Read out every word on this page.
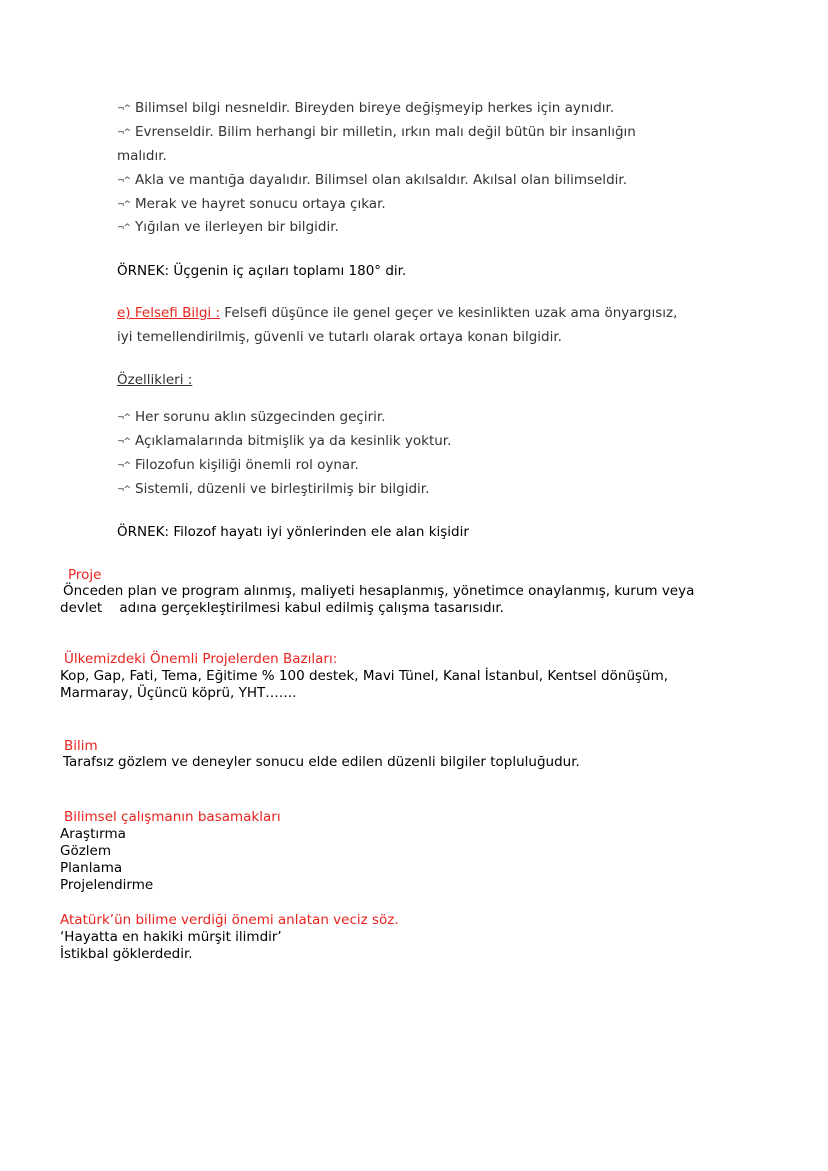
¬^ Bilimsel bilgi nesneldir. Bireyden bireye değişmeyip herkes için aynıdır.
¬^ Evrenseldir. Bilim herhangi bir milletin, ırkın malı değil bütün bir insanlığın
malıdır.
¬^ Akla ve mantığa dayalıdır. Bilimsel olan akılsaldır. Akılsal olan bilimseldir.
¬^ Merak ve hayret sonucu ortaya çıkar.
¬^ Yığılan ve ilerleyen bir bilgidir.
ÖRNEK: Üçgenin iç açıları toplamı 180° dir.
e) Felsefi Bilgi : Felsefi düşünce ile genel geçer ve kesinlikten uzak ama önyargısız,
iyi temellendirilmiş, güvenli ve tutarlı olarak ortaya konan bilgidir.
Özellikleri :
¬^ Her sorunu aklın süzgecinden geçirir.
¬^ Açıklamalarında bitmişlik ya da kesinlik yoktur.
¬^ Filozofun kişiliği önemli rol oynar.
¬^ Sistemli, düzenli ve birleştirilmiş bir bilgidir.
ÖRNEK: Filozof hayatı iyi yönlerinden ele alan kişidir
Proje
Önceden plan ve program alınmış, maliyeti hesaplanmış, yönetimce onaylanmış, kurum veya
devlet    adına gerçekleştirilmesi kabul edilmiş çalışma tasarısıdır.
Ülkemizdeki Önemli Projelerden Bazıları:
Kop, Gap, Fati, Tema, Eğitime % 100 destek, Mavi Tünel, Kanal İstanbul, Kentsel dönüşüm,
Marmaray, Üçüncü köprü, YHT…….
Bilim
Tarafsız gözlem ve deneyler sonucu elde edilen düzenli bilgiler topluluğudur.
Bilimsel çalışmanın basamakları
Araştırma
Gözlem
Planlama
Projelendirme
Atatürk’ün bilime verdiği önemi anlatan veciz söz.
‘Hayatta en hakiki mürşit ilimdir’
İstikbal göklerdedir.
